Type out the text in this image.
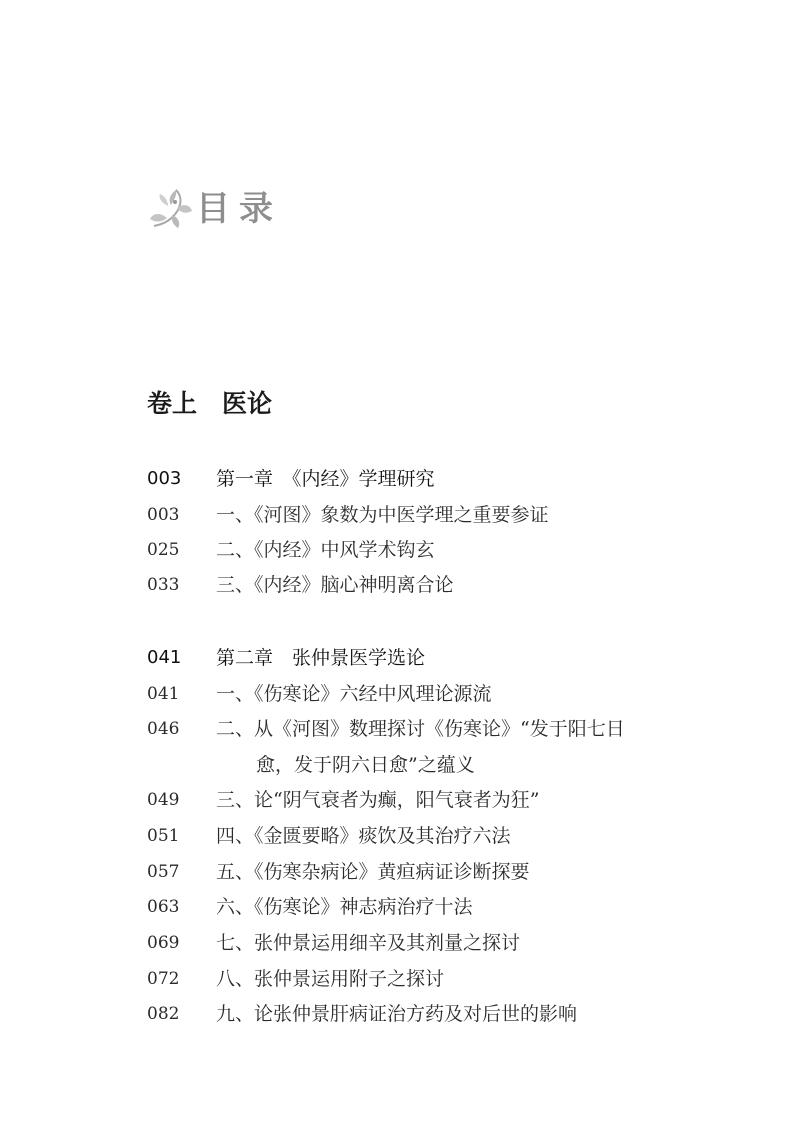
目录
卷上　医论
003 第一章　《内经》学理研究
003 一、《河图》象数为中医学理之重要参证
025 二、《内经》中风学术钩玄
033 三、《内经》脑心神明离合论
041 第二章　张仲景医学选论
041 一、《伤寒论》六经中风理论源流
046 二、从《河图》数理探讨《伤寒论》“发于阳七日
愈，发于阴六日愈”之蕴义
049 三、论“阴气衰者为癫，阳气衰者为狂”
051 四、《金匮要略》痰饮及其治疗六法
057 五、《伤寒杂病论》黄疸病证诊断探要
063 六、《伤寒论》神志病治疗十法
069 七、张仲景运用细辛及其剂量之探讨
072 八、张仲景运用附子之探讨
082 九、论张仲景肝病证治方药及对后世的影响
